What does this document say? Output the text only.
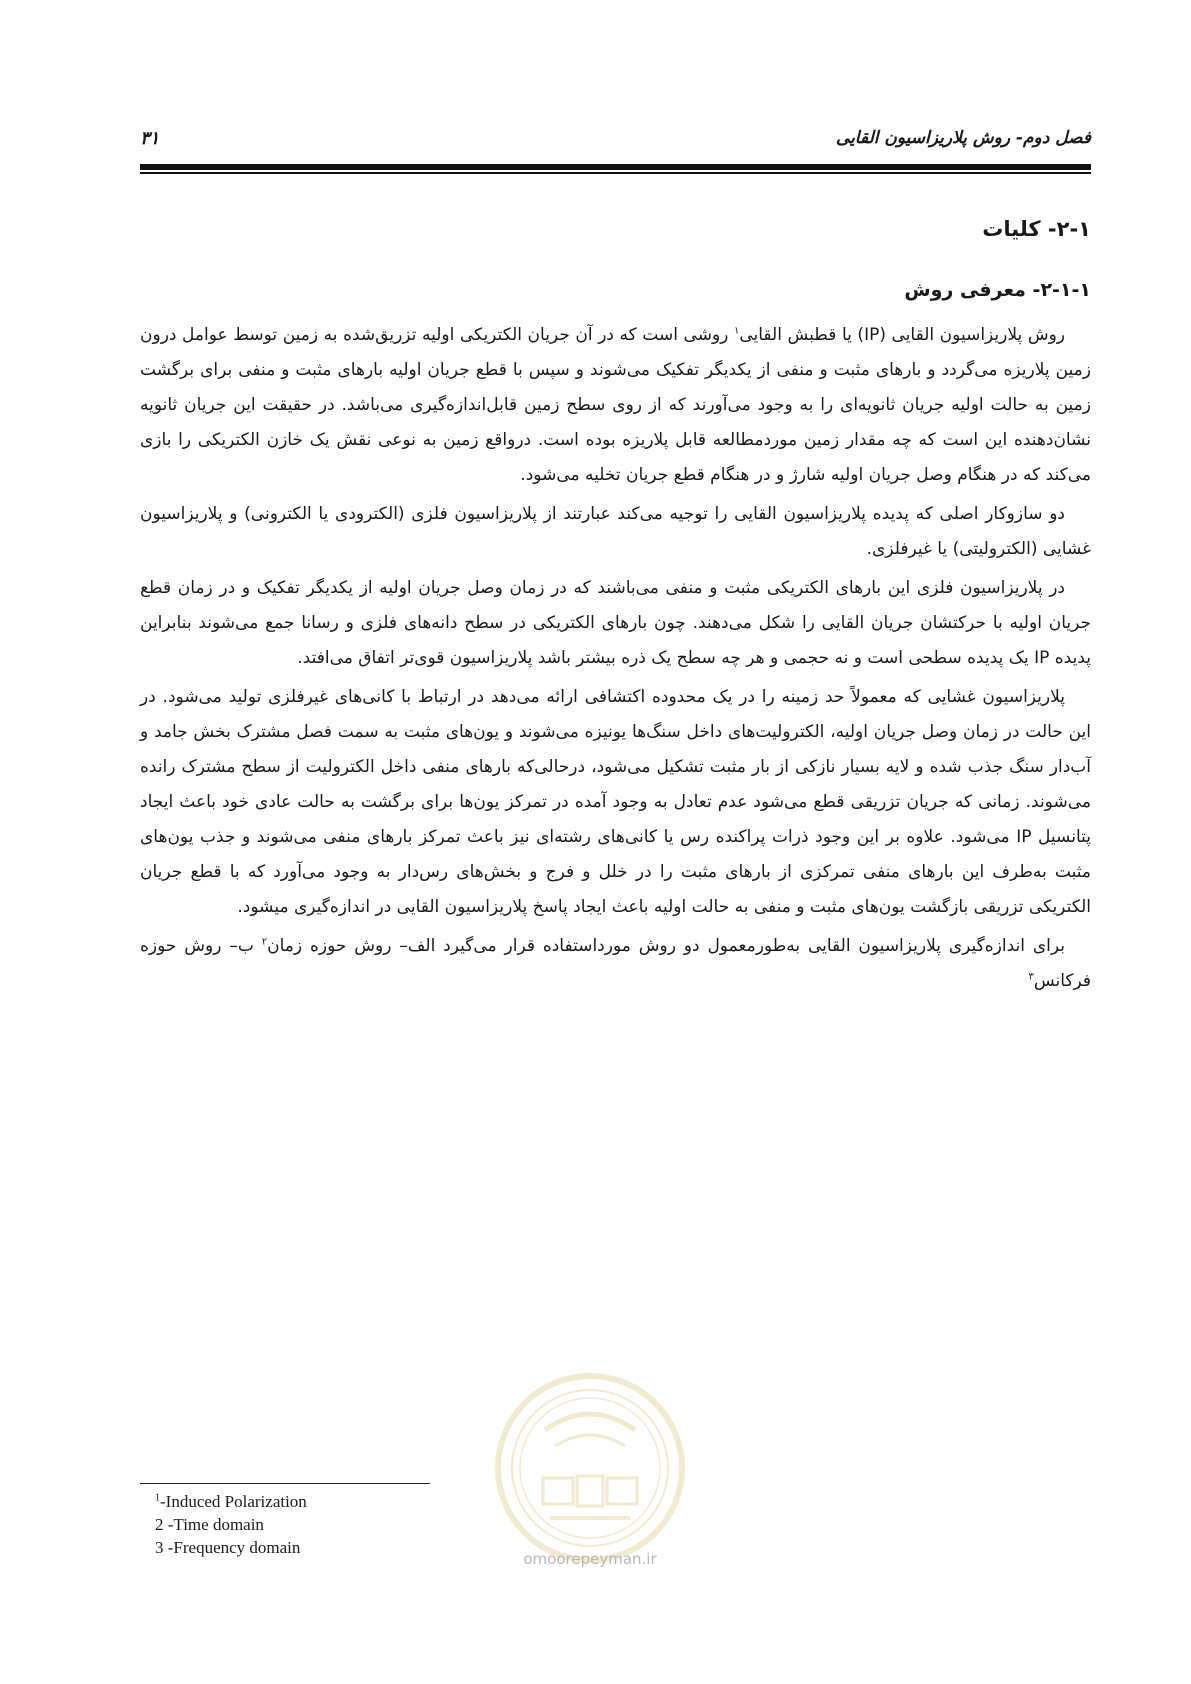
فصل دوم- روش پلاریزاسیون القایی
۳۱
۲-۱- کلیات
۲-۱-۱- معرفی روش

روش پلاریزاسیون القایی (IP) یا قطبش القایی$^۱$ روشی است که در آن جریان الکتریکی اولیه تزریق‌شده به زمین توسط عوامل درون زمین پلاریزه می‌گردد و بارهای مثبت و منفی از یکدیگر تفکیک می‌شوند و سپس با قطع جریان اولیه بارهای مثبت و منفی برای برگشت زمین به حالت اولیه جریان ثانویه‌ای را به وجود می‌آورند که از روی سطح زمین قابل‌اندازه‌گیری می‌باشد. در حقیقت این جریان ثانویه نشان‌دهنده این است که چه مقدار زمین موردمطالعه قابل پلاریزه بوده است. درواقع زمین به نوعی نقش یک خازن الکتریکی را بازی می‌کند که در هنگام وصل جریان اولیه شارژ و در هنگام قطع جریان تخلیه می‌شود.

دو سازوکار اصلی که پدیده پلاریزاسیون القایی را توجیه می‌کند عبارتند از پلاریزاسیون فلزی (الکترودی یا الکترونی) و پلاریزاسیون غشایی (الکترولیتی) یا غیرفلزی.

در پلاریزاسیون فلزی این بارهای الکتریکی مثبت و منفی می‌باشند که در زمان وصل جریان اولیه از یکدیگر تفکیک و در زمان قطع جریان اولیه با حرکتشان جریان القایی را شکل می‌دهند. چون بارهای الکتریکی در سطح دانه‌های فلزی و رسانا جمع می‌شوند بنابراین پدیده IP یک پدیده سطحی است و نه حجمی و هر چه سطح یک ذره بیشتر باشد پلاریزاسیون قوی‌تر اتفاق می‌افتد.

پلاریزاسیون غشایی که معمولاً حد زمینه را در یک محدوده اکتشافی ارائه می‌دهد در ارتباط با کانی‌های غیرفلزی تولید می‌شود. در این حالت در زمان وصل جریان اولیه، الکترولیت‌های داخل سنگ‌ها یونیزه می‌شوند و یون‌های مثبت به سمت فصل مشترک بخش جامد و آب‌دار سنگ جذب شده و لایه بسیار نازکی از بار مثبت تشکیل می‌شود، درحالی‌که بارهای منفی داخل الکترولیت از سطح مشترک رانده می‌شوند. زمانی که جریان تزریقی قطع می‌شود عدم تعادل به وجود آمده در تمرکز یون‌ها برای برگشت به حالت عادی خود باعث ایجاد پتانسیل IP می‌شود. علاوه بر این وجود ذرات پراکنده رس یا کانی‌های رشته‌ای نیز باعث تمرکز بارهای منفی می‌شوند و جذب یون‌های مثبت به‌طرف این بارهای منفی تمرکزی از بارهای مثبت را در خلل و فرج و بخش‌های رس‌دار به وجود می‌آورد که با قطع جریان الکتریکی تزریقی بازگشت یون‌های مثبت و منفی به حالت اولیه باعث ایجاد پاسخ پلاریزاسیون القایی در اندازه‌گیری میشود.

برای اندازه‌گیری پلاریزاسیون القایی به‌طورمعمول دو روش مورداستفاده قرار می‌گیرد الف– روش حوزه زمان$^۲$ ب– روش حوزه فرکانس$^۳$

omoorepeyman.ir
$^1$-Induced Polarization
2 -Time domain
3 -Frequency domain
